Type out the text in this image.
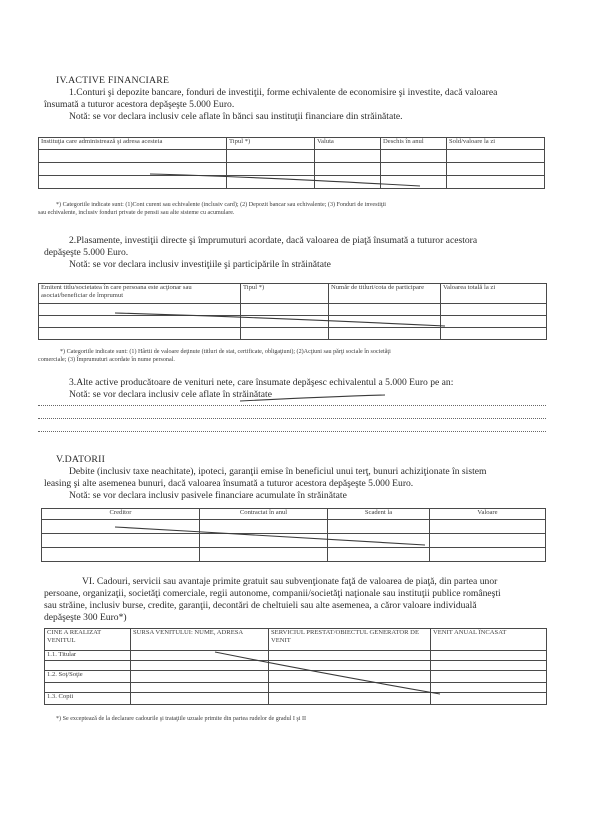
IV.ACTIVE FINANCIARE
1.Conturi şi depozite bancare, fonduri de investiţii, forme echivalente de economisire şi investite, dacă valoarea
însumată a tuturor acestora depăşeşte 5.000 Euro.
Notă: se vor declara inclusiv cele aflate în bănci sau instituţii financiare din străinătate.
Instituţia care administrează şi adresa acesteia	Tipul *)	Valuta	Deschis în anul	Sold/valoare la zi

*) Categoriile indicate sunt: (1)Cont curent sau echivalente (inclusiv card); (2) Depozit bancar sau echivalente; (3) Fonduri de investiţii
sau echivalente, inclusiv fonduri private de pensii sau alte sisteme cu acumulare.
2.Plasamente, investiţii directe şi împrumuturi acordate, dacă valoarea de piaţă însumată a tuturor acestora
depăşeşte 5.000 Euro.
Notă: se vor declara inclusiv investiţiile şi participările în străinătate
Emitent titlu/societatea în care persoana este acţionar sau asociat/beneficiar de împrumut	Tipul *)	Număr de titluri/cota de participare	Valoarea totală la zi

*) Categoriile indicate sunt: (1) Hârtii de valoare deţinute (titluri de stat, certificate, obligaţiuni); (2)Acţiuni sau părţi sociale în societăţi
comerciale; (3) Împrumuturi acordate în nume personal.
3.Alte active producătoare de venituri nete, care însumate depăşesc echivalentul a 5.000 Euro pe an:
Notă: se vor declara inclusiv cele aflate în străinătate
V.DATORII
Debite (inclusiv taxe neachitate), ipoteci, garanţii emise în beneficiul unui terţ, bunuri achiziţionate în sistem
leasing şi alte asemenea bunuri, dacă valoarea însumată a tuturor acestora depăşeşte 5.000 Euro.
Notă: se vor declara inclusiv pasivele financiare acumulate în străinătate
Creditor	Contractat în anul	Scadent la	Valoare

VI. Cadouri, servicii sau avantaje primite gratuit sau subvenţionate faţă de valoarea de piaţă, din partea unor
persoane, organizaţii, societăţi comerciale, regii autonome, companii/societăţi naţionale sau instituţii publice româneşti
sau străine, inclusiv burse, credite, garanţii, decontări de cheltuieli sau alte asemenea, a căror valoare individuală
depăşeşte 300 Euro*)
CINE A REALIZAT VENITUL	SURSA VENITULUI: NUME, ADRESA	SERVICIUL PRESTAT/OBIECTUL GENERATOR DE VENIT	VENIT ANUAL ÎNCASAT
1.1. Titular			

1.2. Soţ/Soţie			

1.3. Copii			
*) Se exceptează de la declarare cadourile şi trataţiile uzuale primite din partea rudelor de gradul I şi II
